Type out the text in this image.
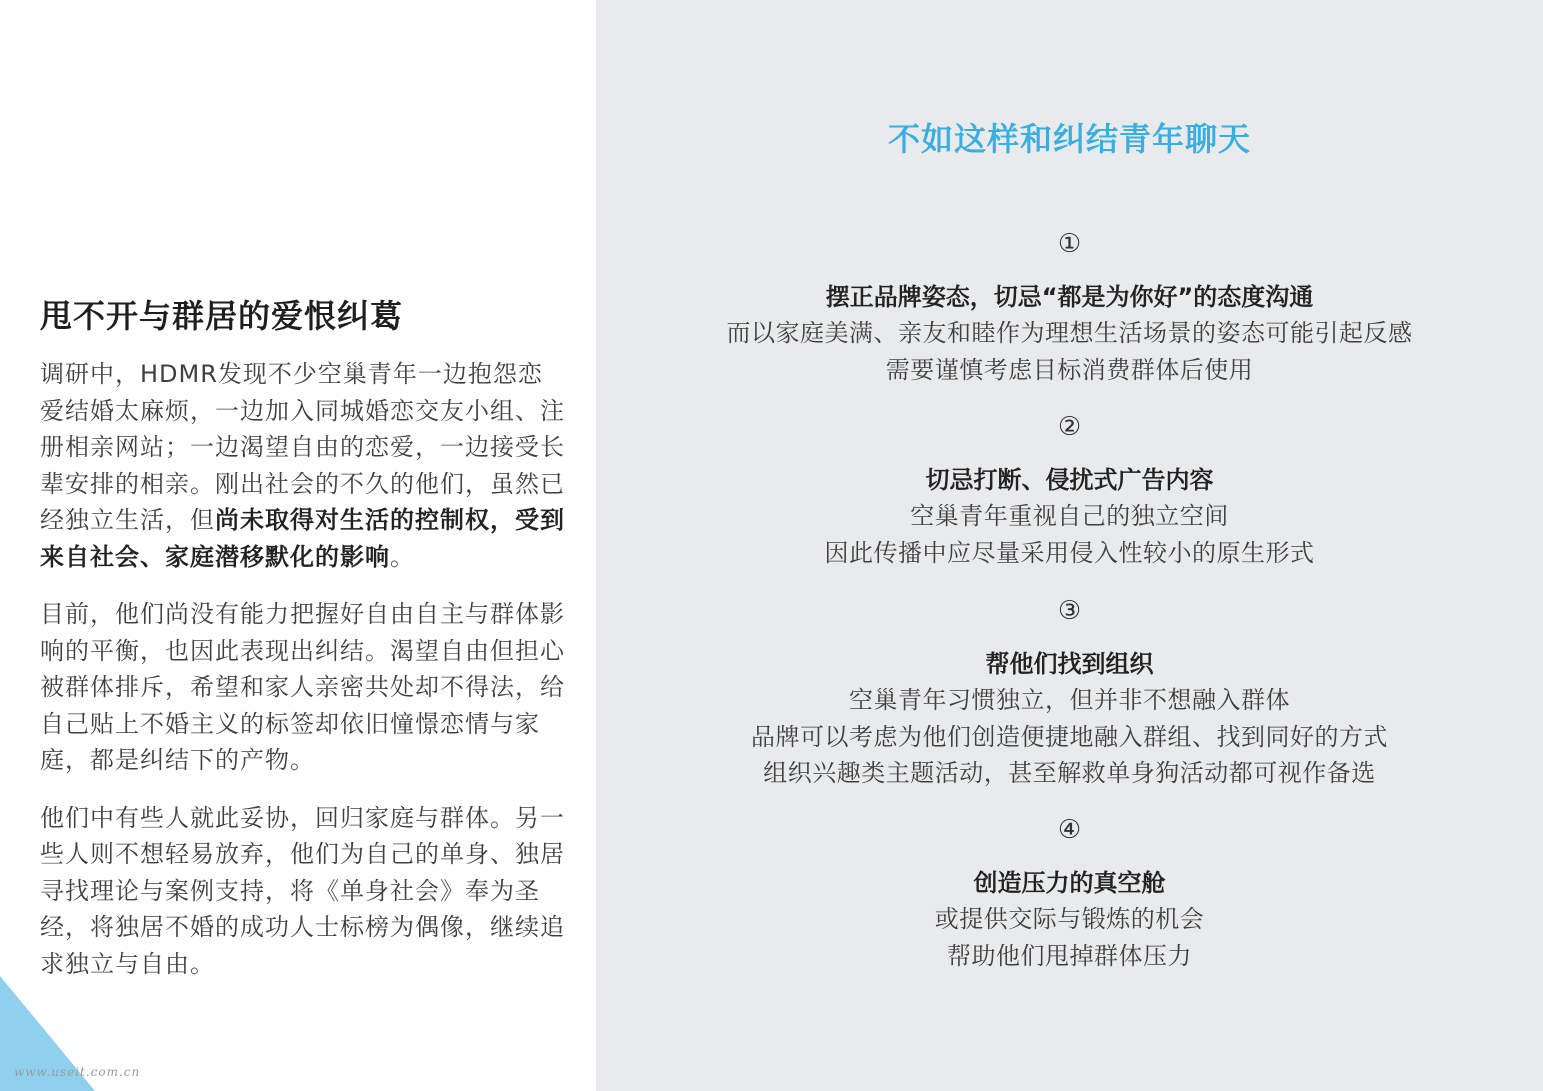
甩不开与群居的爱恨纠葛

调研中，HDMR发现不少空巢青年一边抱怨恋爱结婚太麻烦，一边加入同城婚恋交友小组、注册相亲网站；一边渴望自由的恋爱，一边接受长辈安排的相亲。刚出社会的不久的他们，虽然已经独立生活，但尚未取得对生活的控制权，受到来自社会、家庭潜移默化的影响。

目前，他们尚没有能力把握好自由自主与群体影响的平衡，也因此表现出纠结。渴望自由但担心被群体排斥，希望和家人亲密共处却不得法，给自己贴上不婚主义的标签却依旧憧憬恋情与家庭，都是纠结下的产物。

他们中有些人就此妥协，回归家庭与群体。另一些人则不想轻易放弃，他们为自己的单身、独居寻找理论与案例支持，将《单身社会》奉为圣经，将独居不婚的成功人士标榜为偶像，继续追求独立与自由。

www.useit.com.cn
不如这样和纠结青年聊天
①
摆正品牌姿态，切忌“都是为你好”的态度沟通
而以家庭美满、亲友和睦作为理想生活场景的姿态可能引起反感
需要谨慎考虑目标消费群体后使用
②
切忌打断、侵扰式广告内容
空巢青年重视自己的独立空间
因此传播中应尽量采用侵入性较小的原生形式
③
帮他们找到组织
空巢青年习惯独立，但并非不想融入群体
品牌可以考虑为他们创造便捷地融入群组、找到同好的方式
组织兴趣类主题活动，甚至解救单身狗活动都可视作备选
④
创造压力的真空舱
或提供交际与锻炼的机会
帮助他们甩掉群体压力
